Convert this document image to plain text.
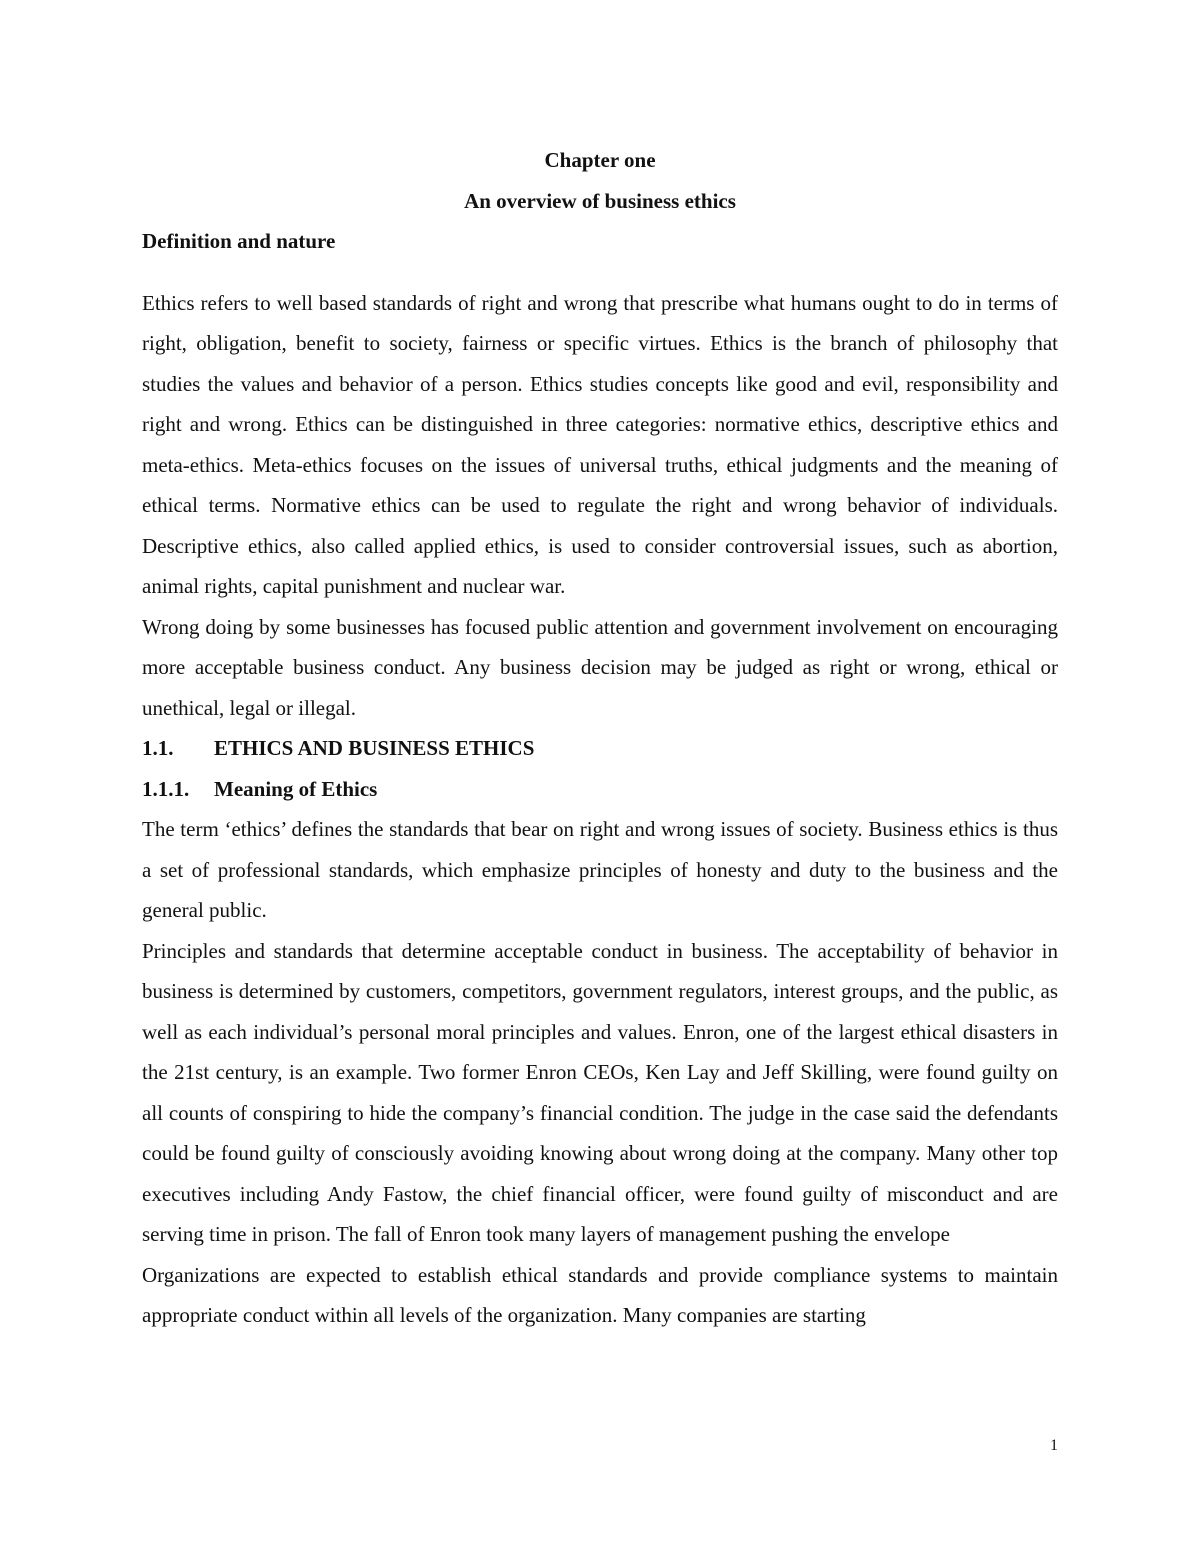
Chapter one

An overview of business ethics

Definition and nature

Ethics refers to well based standards of right and wrong that prescribe what humans ought to do in terms of right, obligation, benefit to society, fairness or specific virtues. Ethics is the branch of philosophy that studies the values and behavior of a person. Ethics studies concepts like good and evil, responsibility and right and wrong. Ethics can be distinguished in three categories: normative ethics, descriptive ethics and meta-ethics. Meta-ethics focuses on the issues of universal truths, ethical judgments and the meaning of ethical terms. Normative ethics can be used to regulate the right and wrong behavior of individuals. Descriptive ethics, also called applied ethics, is used to consider controversial issues, such as abortion, animal rights, capital punishment and nuclear war.

Wrong doing by some businesses has focused public attention and government involvement on encouraging more acceptable business conduct. Any business decision may be judged as right or wrong, ethical or unethical, legal or illegal.

1.1.	ETHICS AND BUSINESS ETHICS
1.1.1.	Meaning of Ethics

The term ‘ethics’ defines the standards that bear on right and wrong issues of society. Business ethics is thus a set of professional standards, which emphasize principles of honesty and duty to the business and the general public.

Principles and standards that determine acceptable conduct in business. The acceptability of behavior in business is determined by customers, competitors, government regulators, interest groups, and the public, as well as each individual’s personal moral principles and values. Enron, one of the largest ethical disasters in the 21st century, is an example. Two former Enron CEOs, Ken Lay and Jeff Skilling, were found guilty on all counts of conspiring to hide the company’s financial condition. The judge in the case said the defendants could be found guilty of consciously avoiding knowing about wrong doing at the company. Many other top executives including Andy Fastow, the chief financial officer, were found guilty of misconduct and are serving time in prison. The fall of Enron took many layers of management pushing the envelope

Organizations are expected to establish ethical standards and provide compliance systems to maintain appropriate conduct within all levels of the organization. Many companies are starting

1
